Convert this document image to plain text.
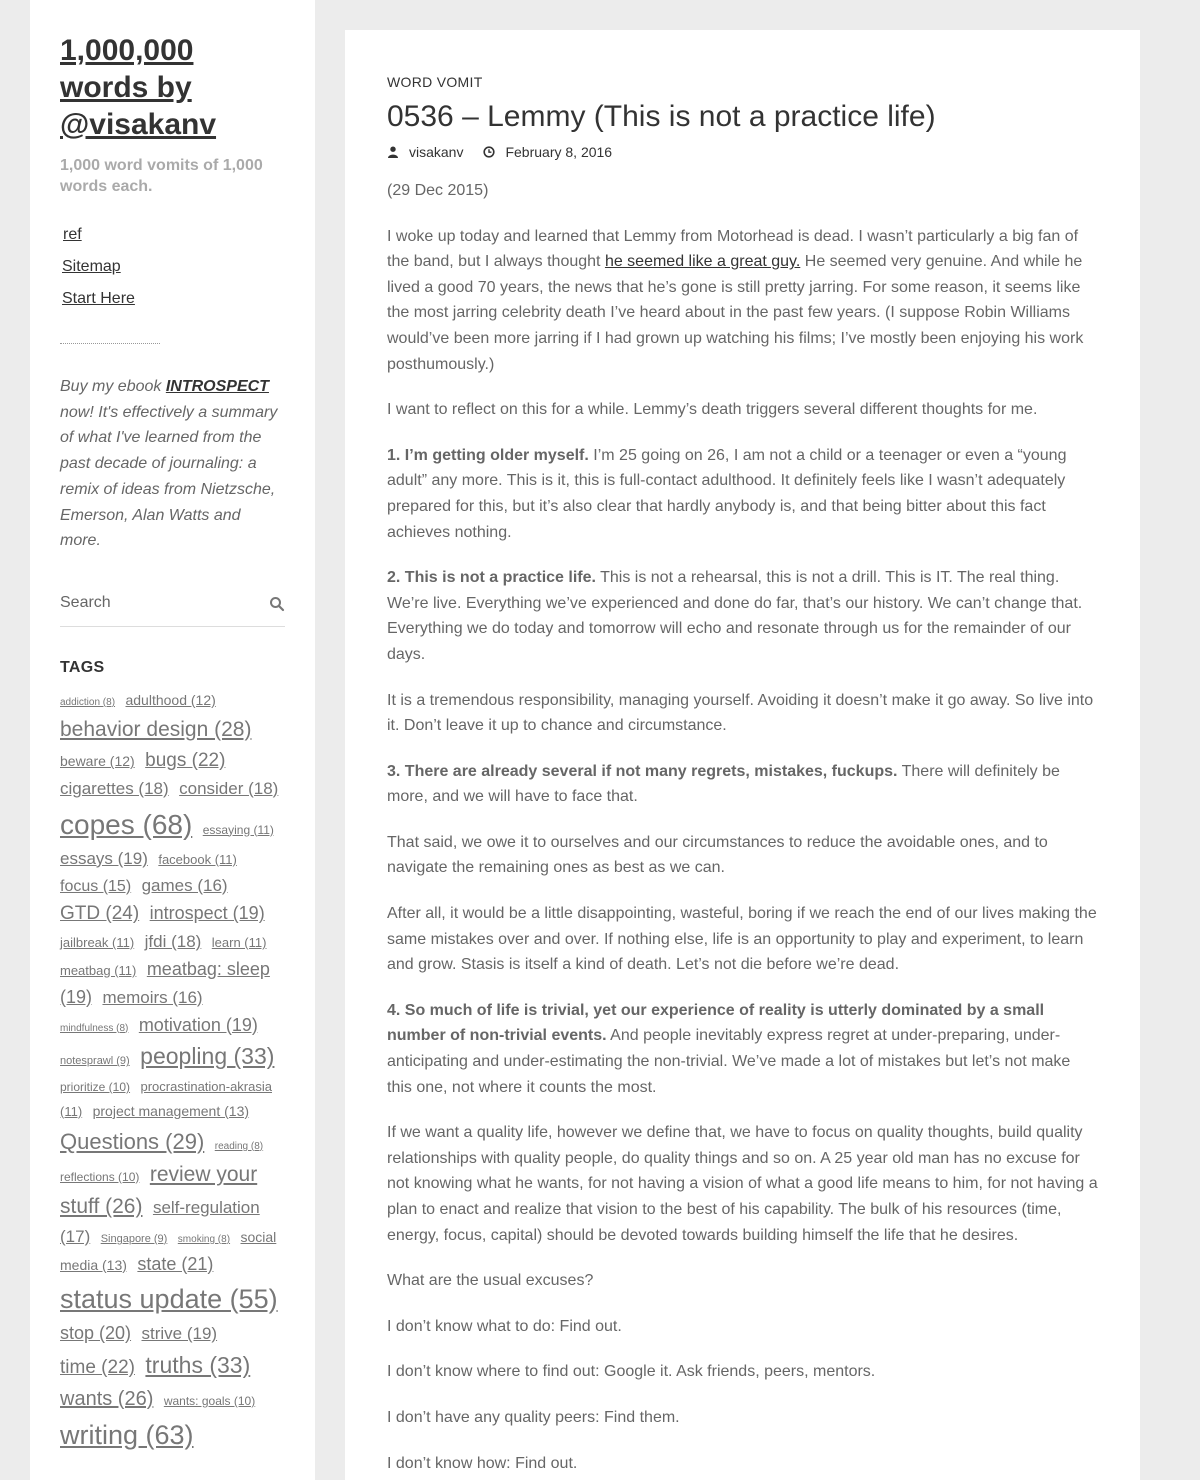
1,000,000
words by
@visakanv
1,000 word vomits of 1,000 words each.
ref
Sitemap
Start Here
Buy my ebook INTROSPECT now! It's effectively a summary of what I've learned from the past decade of journaling: a remix of ideas from Nietzsche, Emerson, Alan Watts and more.
Search
TAGS
addiction (8) adulthood (12) behavior design (28) beware (12) bugs (22) cigarettes (18) consider (18) copes (68) essaying (11) essays (19) facebook (11) focus (15) games (16) GTD (24) introspect (19) jailbreak (11) jfdi (18) learn (11) meatbag (11) meatbag: sleep (19) memoirs (16) mindfulness (8) motivation (19) notesprawl (9) peopling (33) prioritize (10) procrastination-akrasia (11) project management (13) Questions (29) reading (8) reflections (10) review your stuff (26) self-regulation (17) Singapore (9) smoking (8) social media (13) state (21) status update (55) stop (20) strive (19) time (22) truths (33) wants (26) wants: goals (10) writing (63)
WORD VOMIT
0536 – Lemmy (This is not a practice life)
visakanv	February 8, 2016

(29 Dec 2015)

I woke up today and learned that Lemmy from Motorhead is dead. I wasn’t particularly a big fan of the band, but I always thought he seemed like a great guy. He seemed very genuine. And while he lived a good 70 years, the news that he’s gone is still pretty jarring. For some reason, it seems like the most jarring celebrity death I’ve heard about in the past few years. (I suppose Robin Williams would’ve been more jarring if I had grown up watching his films; I’ve mostly been enjoying his work posthumously.)

I want to reflect on this for a while. Lemmy’s death triggers several different thoughts for me.

1. I’m getting older myself. I’m 25 going on 26, I am not a child or a teenager or even a “young adult” any more. This is it, this is full-contact adulthood. It definitely feels like I wasn’t adequately prepared for this, but it’s also clear that hardly anybody is, and that being bitter about this fact achieves nothing.

2. This is not a practice life. This is not a rehearsal, this is not a drill. This is IT. The real thing. We’re live. Everything we’ve experienced and done do far, that’s our history. We can’t change that. Everything we do today and tomorrow will echo and resonate through us for the remainder of our days.

It is a tremendous responsibility, managing yourself. Avoiding it doesn’t make it go away. So live into it. Don’t leave it up to chance and circumstance.

3. There are already several if not many regrets, mistakes, fuckups. There will definitely be more, and we will have to face that.

That said, we owe it to ourselves and our circumstances to reduce the avoidable ones, and to navigate the remaining ones as best as we can.

After all, it would be a little disappointing, wasteful, boring if we reach the end of our lives making the same mistakes over and over. If nothing else, life is an opportunity to play and experiment, to learn and grow. Stasis is itself a kind of death. Let’s not die before we’re dead.

4. So much of life is trivial, yet our experience of reality is utterly dominated by a small number of non-trivial events. And people inevitably express regret at under-preparing, under-anticipating and under-estimating the non-trivial. We’ve made a lot of mistakes but let’s not make this one, not where it counts the most.

If we want a quality life, however we define that, we have to focus on quality thoughts, build quality relationships with quality people, do quality things and so on. A 25 year old man has no excuse for not knowing what he wants, for not having a vision of what a good life means to him, for not having a plan to enact and realize that vision to the best of his capability. The bulk of his resources (time, energy, focus, capital) should be devoted towards building himself the life that he desires.

What are the usual excuses?

I don’t know what to do: Find out.

I don’t know where to find out: Google it. Ask friends, peers, mentors.

I don’t have any quality peers: Find them.

I don’t know how: Find out.
